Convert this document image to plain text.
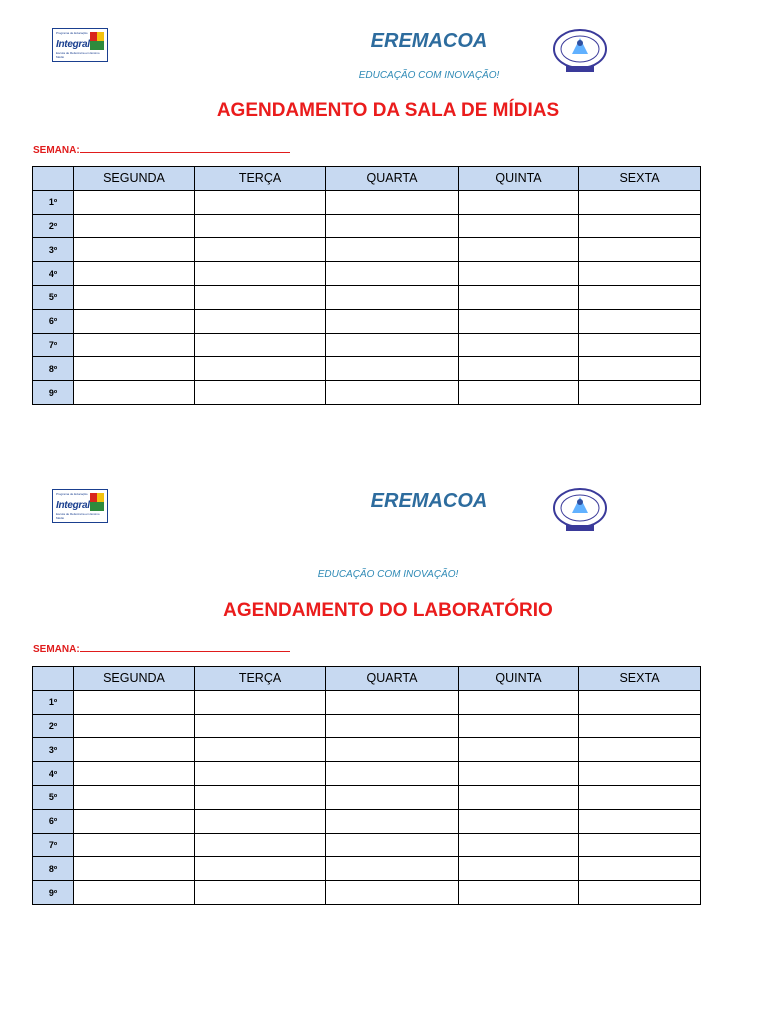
Programa de Educação
Integral
Escola de Referência em Ensino Médio
EREMACOA
EDUCAÇÃO COM INOVAÇÃO!
AGENDAMENTO DA SALA DE MÍDIAS
SEMANA:
	SEGUNDA	TERÇA	QUARTA	QUINTA	SEXTA
1º					
2º					
3º					
4º					
5º					
6º					
7º					
8º					
9º					
Programa de Educação
Integral
Escola de Referência em Ensino Médio
EREMACOA
EDUCAÇÃO COM INOVAÇÃO!
AGENDAMENTO DO LABORATÓRIO
SEMANA:
	SEGUNDA	TERÇA	QUARTA	QUINTA	SEXTA
1º					
2º					
3º					
4º					
5º					
6º					
7º					
8º					
9º					
